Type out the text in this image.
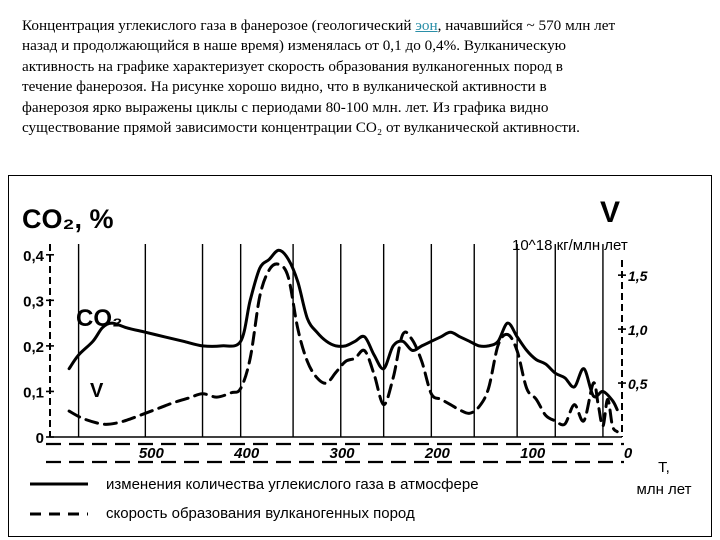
Концентрация углекислого газа в фанерозое (геологический эон, начавшийся ~ 570 млн лет
назад и продолжающийся в наше время) изменялась от 0,1 до 0,4%. Вулканическую
активность на графике характеризует скорость образования вулканогенных пород в
течение фанерозоя. На рисунке хорошо видно, что в вулканической активности в
фанерозоя ярко выражены циклы с периодами 80-100 млн. лет. Из графика видно
существование прямой зависимости концентрации CO₂ от вулканической активности.
0,4
0,3
0,2
0,1
0
1,5
1,0
0,5
500	400	300	200	100	0
CO₂, %	V
10^18 кг/млн лет
CO₂
V
Т,
млн лет
изменения количества углекислого газа в атмосфере
скорость образования вулканогенных пород
